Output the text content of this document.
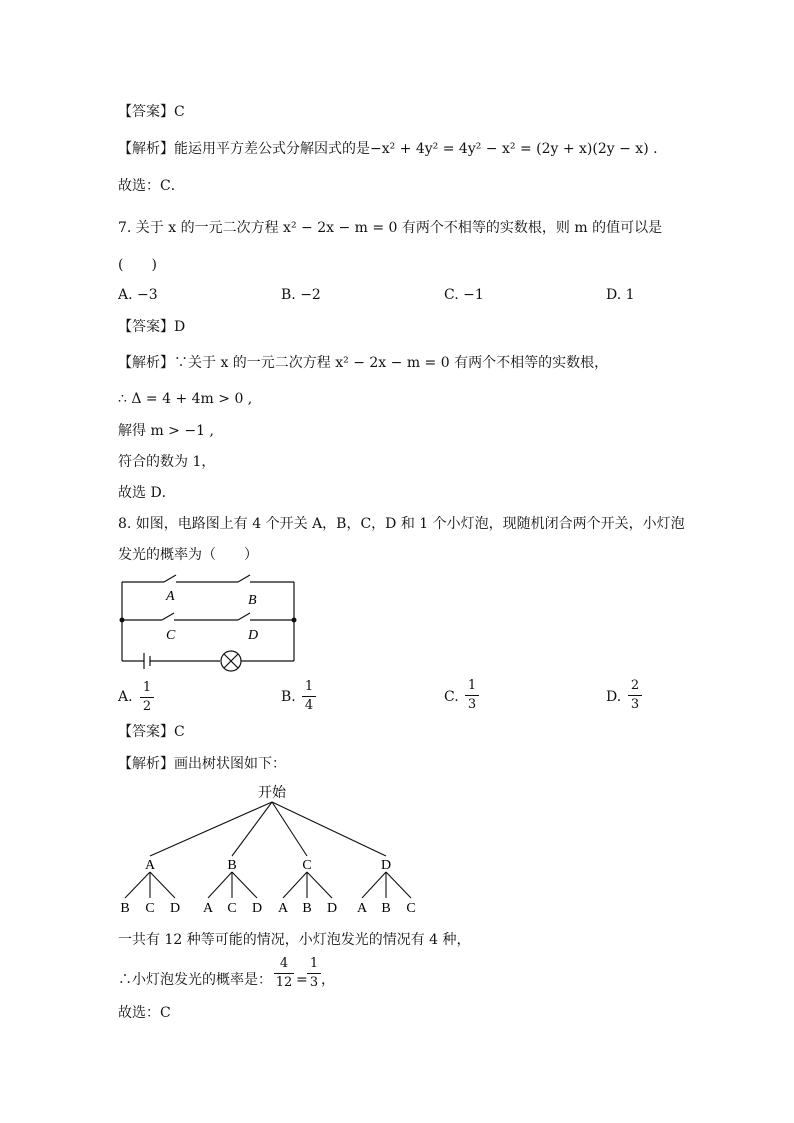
【答案】C
【解析】能运用平方差公式分解因式的是−x² + 4y² = 4y² − x² = (2y + x)(2y − x) .
故选：C．
7. 关于 x 的一元二次方程 x² − 2x − m = 0 有两个不相等的实数根，则 m 的值可以是
(　　)
A. −3	B. −2	C. −1	D. 1
【答案】D
【解析】∵关于 x 的一元二次方程 x² − 2x − m = 0 有两个不相等的实数根，
∴ Δ = 4 + 4m > 0 ,
解得 m > −1 ,
符合的数为 1，
故选 D．
8. 如图，电路图上有 4 个开关 A，B，C，D 和 1 个小灯泡，现随机闭合两个开关，小灯泡
发光的概率为（　　）
A	B
C	D
A.
1
2
B.
1
4
C.
1
3	D.
2
3
【答案】C
【解析】画出树状图如下：
开始
A	B	C	D
B C D A C D A B D A B C
一共有 12 种等可能的情况，小灯泡发光的情况有 4 种，
∴小灯泡发光的概率是：
4
12 =
1
3 ，
故选：C
